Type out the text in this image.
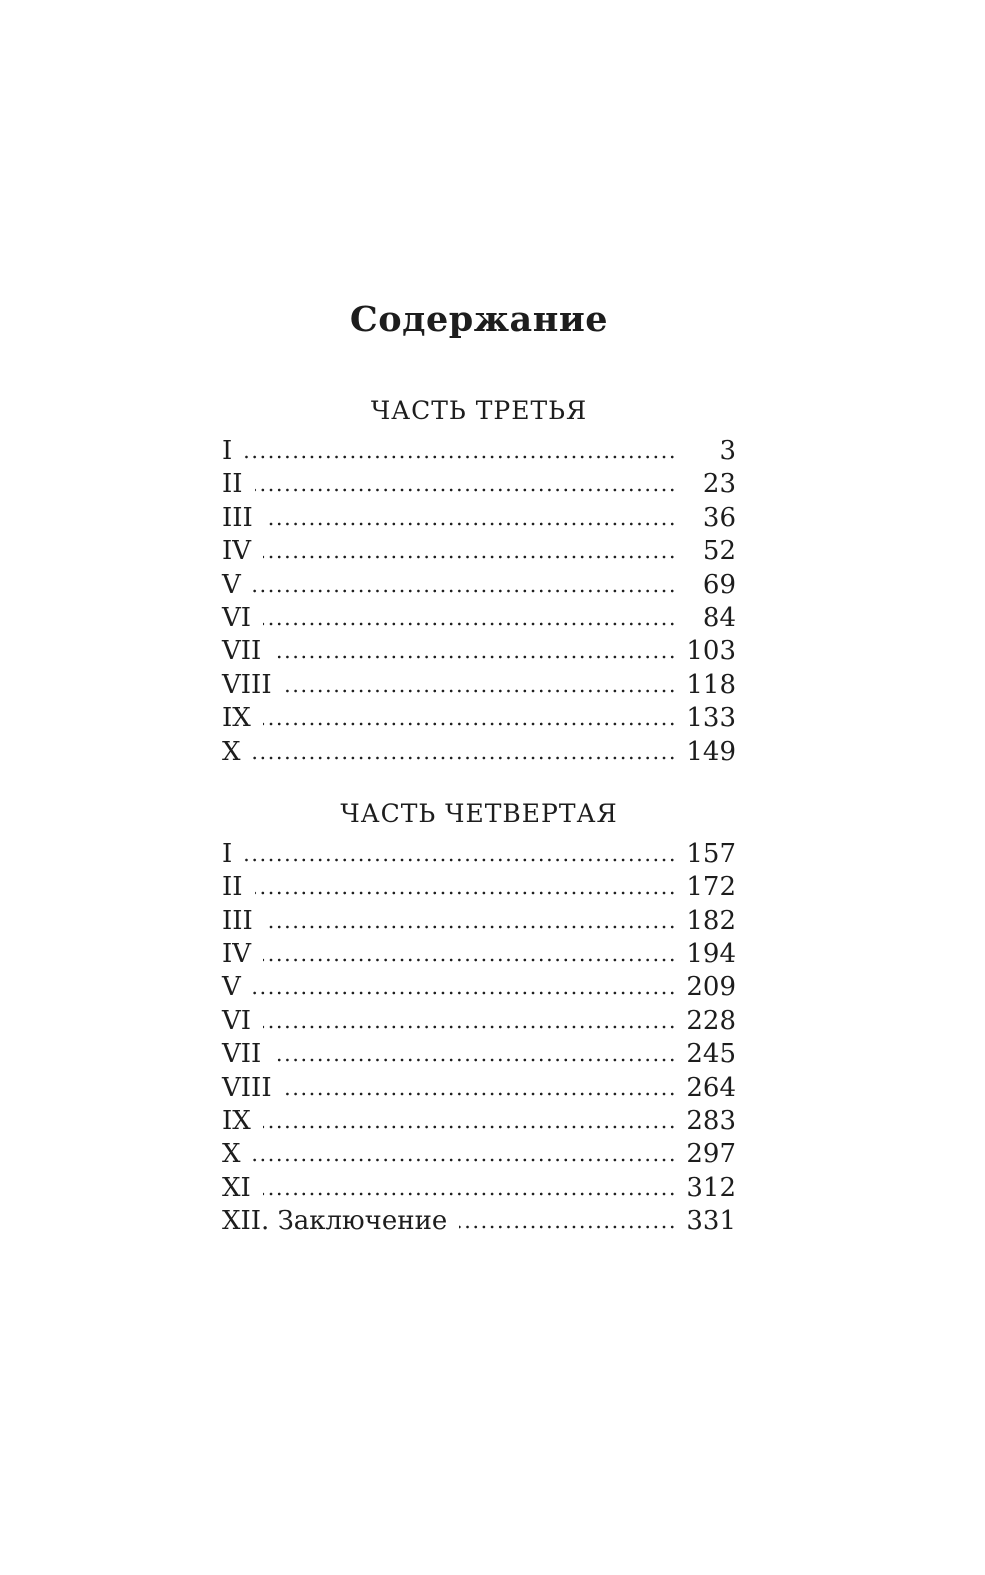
Содержание
ЧАСТЬ ТРЕТЬЯ
I	3
II	23
III	36
IV	52
V	69
VI	84
VII	103
VIII	118
IX	133
X	149
ЧАСТЬ ЧЕТВЕРТАЯ
I	157
II	172
III	182
IV	194
V	209
VI	228
VII	245
VIII	264
IX	283
X	297
XI	312
XII. Заключение	331
